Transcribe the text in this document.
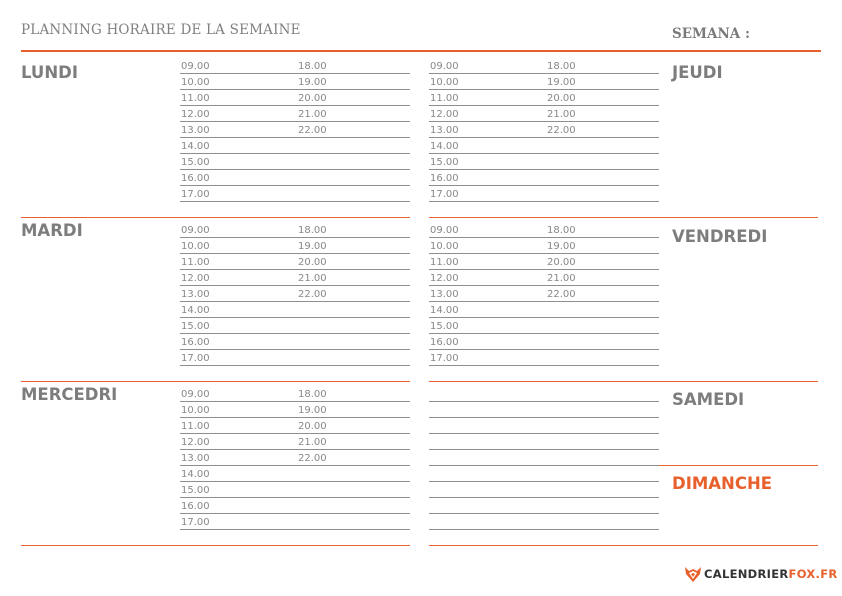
PLANNING HORAIRE DE LA SEMAINE	SEMANA :
LUNDI
MARDI
MERCEDRI
JEUDI
VENDREDI
SAMEDI
DIMANCHE
09.00	18.00
10.00	19.00
11.00	20.00
12.00	21.00
13.00	22.00
14.00
15.00
16.00
17.00
09.00	18.00
10.00	19.00
11.00	20.00
12.00	21.00
13.00	22.00
14.00
15.00
16.00
17.00
09.00	18.00
10.00	19.00
11.00	20.00
12.00	21.00
13.00	22.00
14.00
15.00
16.00
17.00
09.00	18.00
10.00	19.00
11.00	20.00
12.00	21.00
13.00	22.00
14.00
15.00
16.00
17.00
09.00	18.00
10.00	19.00
11.00	20.00
12.00	21.00
13.00	22.00
14.00
15.00
16.00
17.00
CALENDRIERFOX.FR
